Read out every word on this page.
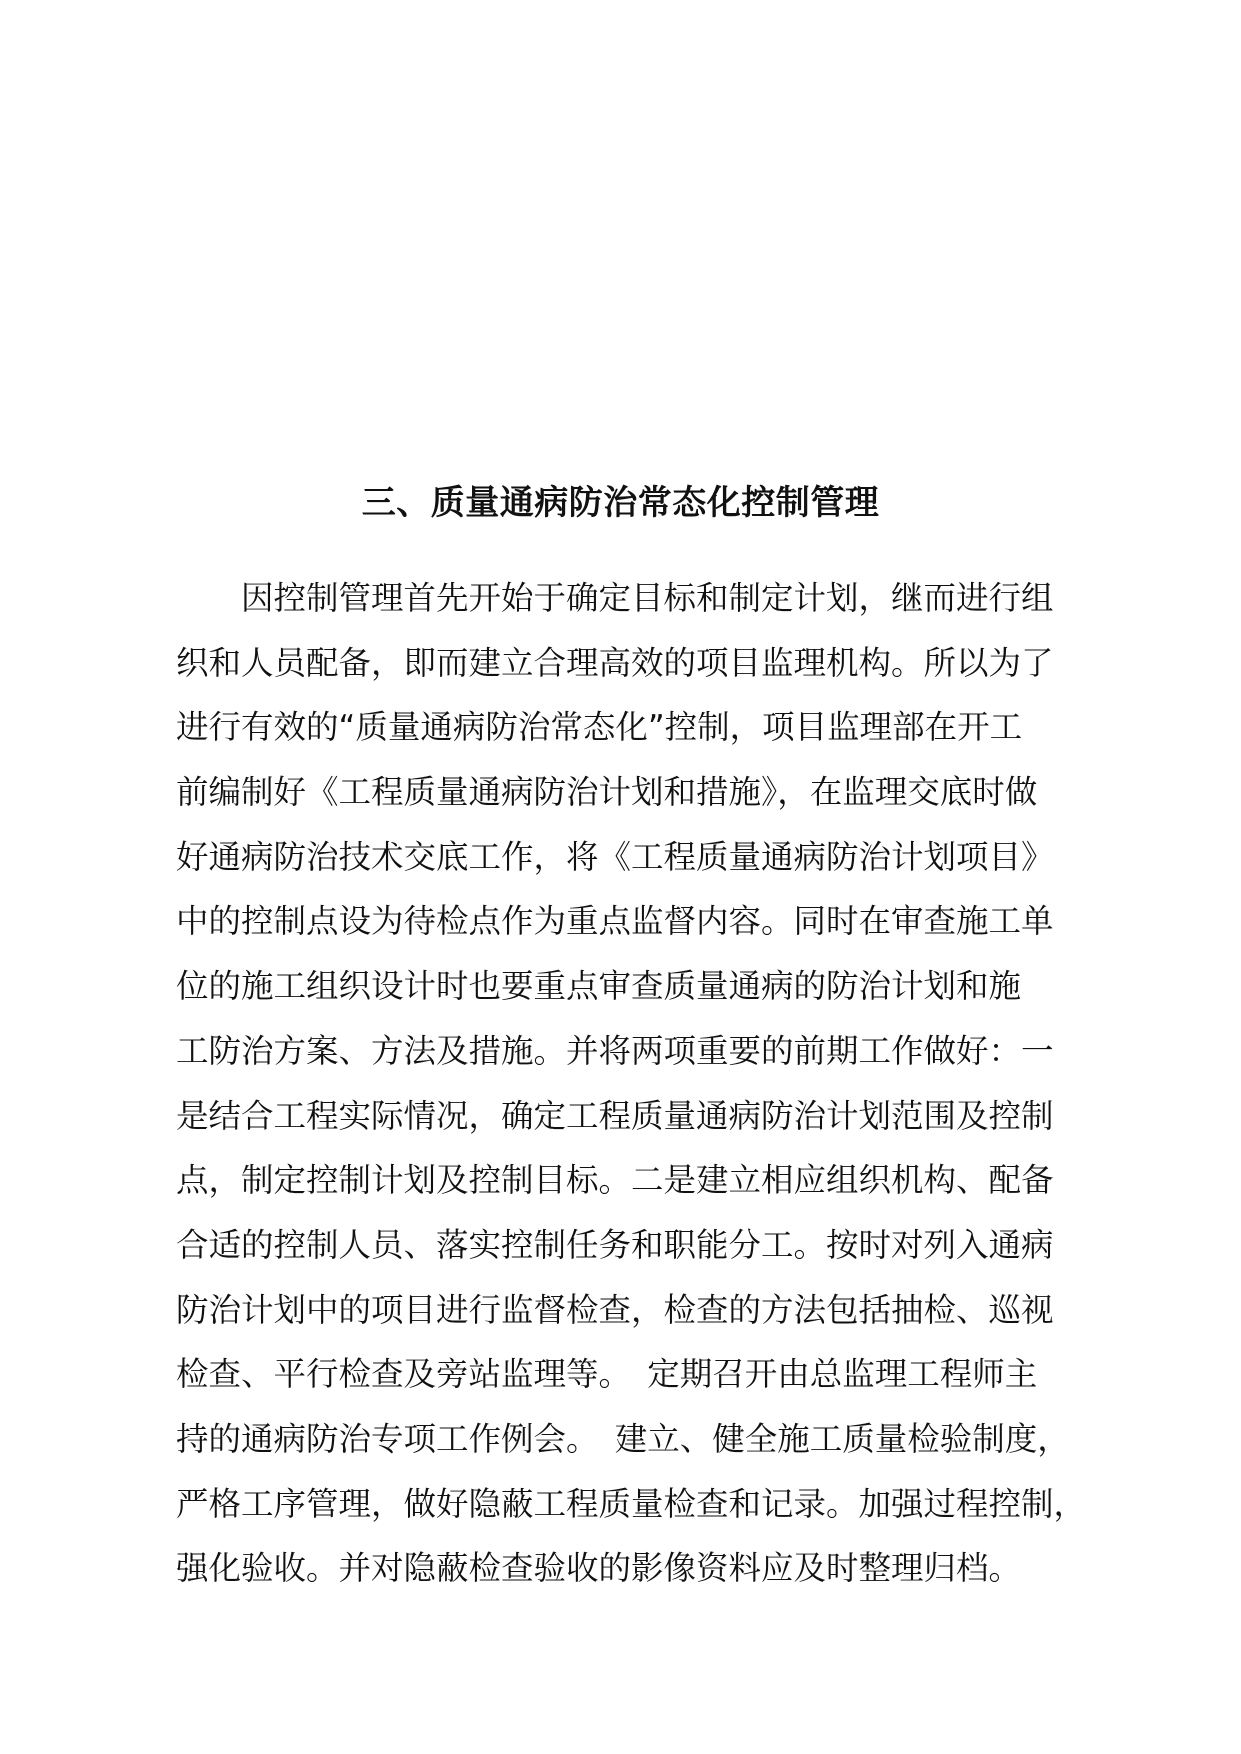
三、质量通病防治常态化控制管理
　　因控制管理首先开始于确定目标和制定计划，继而进行组
织和人员配备，即而建立合理高效的项目监理机构。所以为了
进行有效的“质量通病防治常态化”控制，项目监理部在开工
前编制好《工程质量通病防治计划和措施》，在监理交底时做
好通病防治技术交底工作，将《工程质量通病防治计划项目》
中的控制点设为待检点作为重点监督内容。同时在审查施工单
位的施工组织设计时也要重点审查质量通病的防治计划和施
工防治方案、方法及措施。并将两项重要的前期工作做好：一
是结合工程实际情况，确定工程质量通病防治计划范围及控制
点，制定控制计划及控制目标。二是建立相应组织机构、配备
合适的控制人员、落实控制任务和职能分工。按时对列入通病
防治计划中的项目进行监督检查，检查的方法包括抽检、巡视
检查、平行检查及旁站监理等。　定期召开由总监理工程师主
持的通病防治专项工作例会。　建立、健全施工质量检验制度，
严格工序管理，做好隐蔽工程质量检查和记录。加强过程控制，
强化验收。并对隐蔽检查验收的影像资料应及时整理归档。
